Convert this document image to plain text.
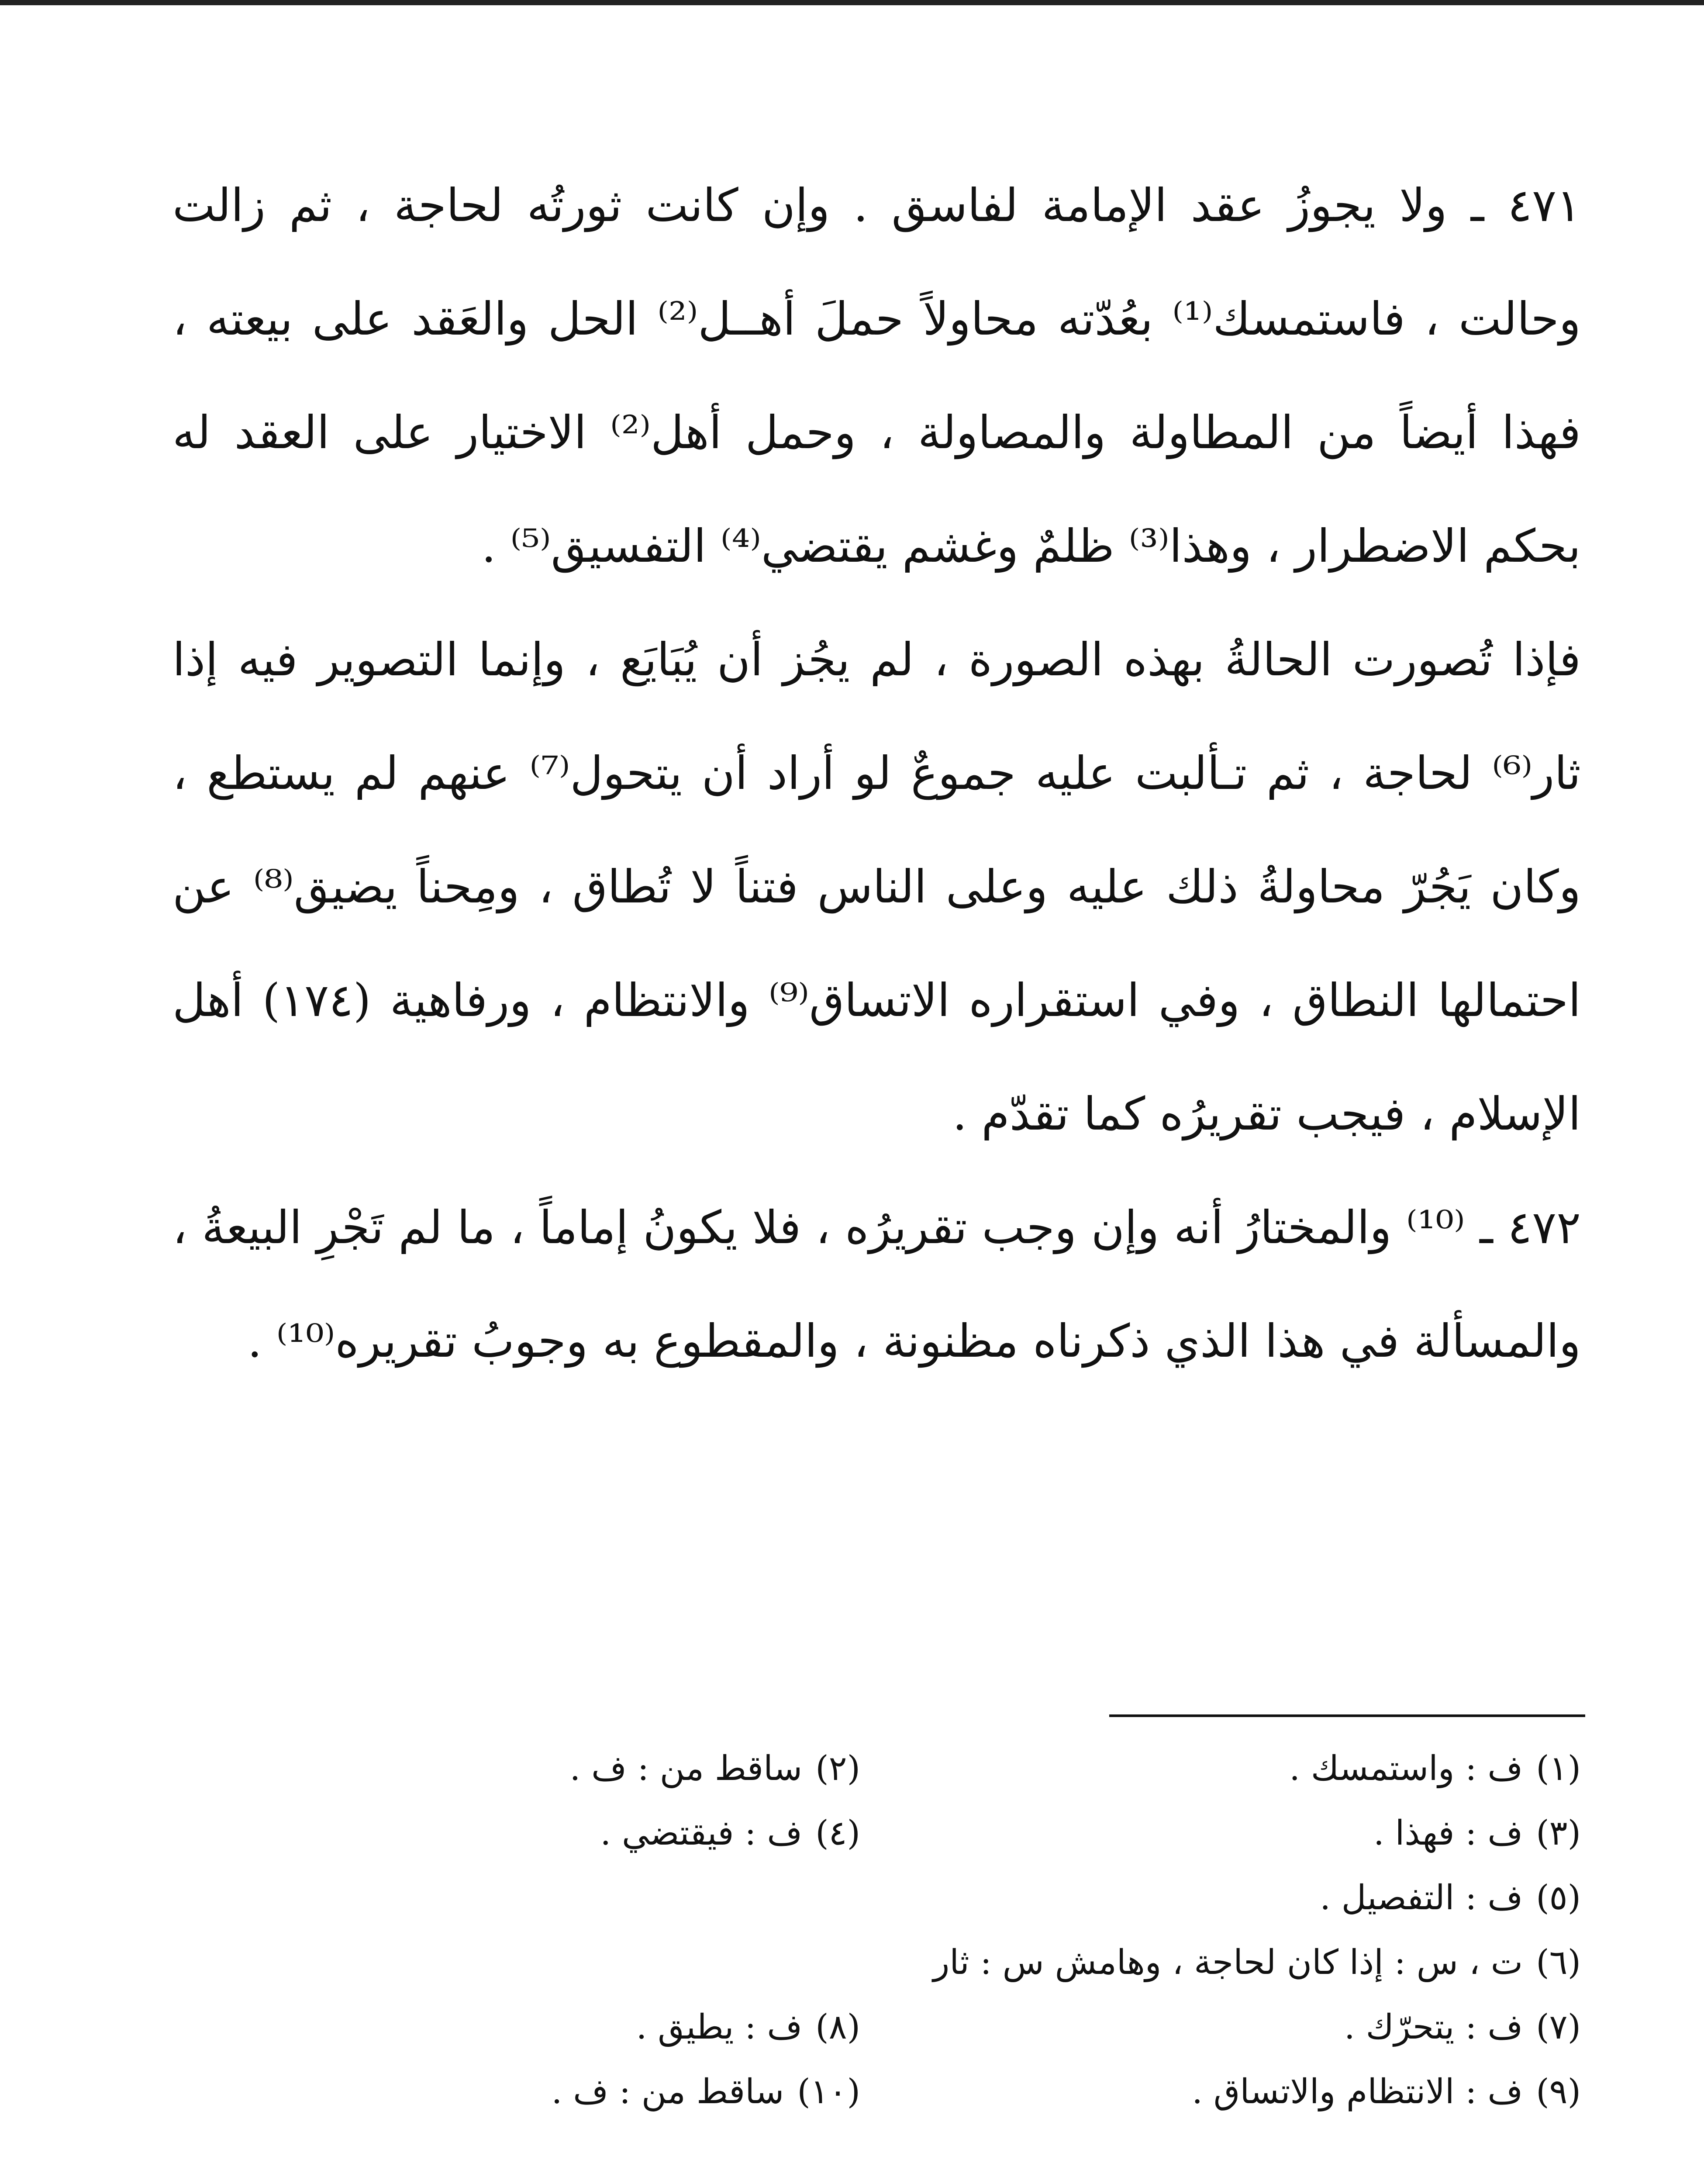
٤٧١ ـ ولا يجوزُ عقد الإمامة لفاسق . وإن كانت ثورتُه لحاجة ، ثم زالت وحالت ، فاستمسك⁽¹⁾ بعُدّته محاولاً حملَ أهــل⁽²⁾ الحل والعَقد على بيعته ، فهذا أيضاً من المطاولة والمصاولة ، وحمل أهل⁽²⁾ الاختيار على العقد له بحكم الاضطرار ، وهذا⁽³⁾ ظلمٌ وغشم يقتضي⁽⁴⁾ التفسيق⁽⁵⁾ .

فإذا تُصورت الحالةُ بهذه الصورة ، لم يجُز أن يُبَايَع ، وإنما التصوير فيه إذا ثار⁽⁶⁾ لحاجة ، ثم تـألبت عليه جموعٌ لو أراد أن يتحول⁽⁷⁾ عنهم لم يستطع ، وكان يَجُرّ محاولةُ ذلك عليه وعلى الناس فتناً لا تُطاق ، ومِحناً يضيق⁽⁸⁾ عن احتمالها النطاق ، وفي استقراره الاتساق⁽⁹⁾ والانتظام ، ورفاهية (١٧٤) أهل الإسلام ، فيجب تقريرُه كما تقدّم .

٤٧٢ ـ ⁽¹⁰⁾ والمختارُ أنه وإن وجب تقريرُه ، فلا يكونُ إماماً ، ما لم تَجْرِ البيعةُ ، والمسألة في هذا الذي ذكرناه مظنونة ، والمقطوع به وجوبُ تقريره⁽¹⁰⁾ .

(١)ف : واستمسك .
(٢)ساقط من : ف .
(٣)ف : فهذا .
(٤)ف : فيقتضي .
(٥)ف : التفصيل .
(٦)ت ، س : إذا كان لحاجة ، وهامش س : ثار
(٧)ف : يتحرّك .
(٨)ف : يطيق .
(٩)ف : الانتظام والاتساق .
(١٠)ساقط من : ف .
